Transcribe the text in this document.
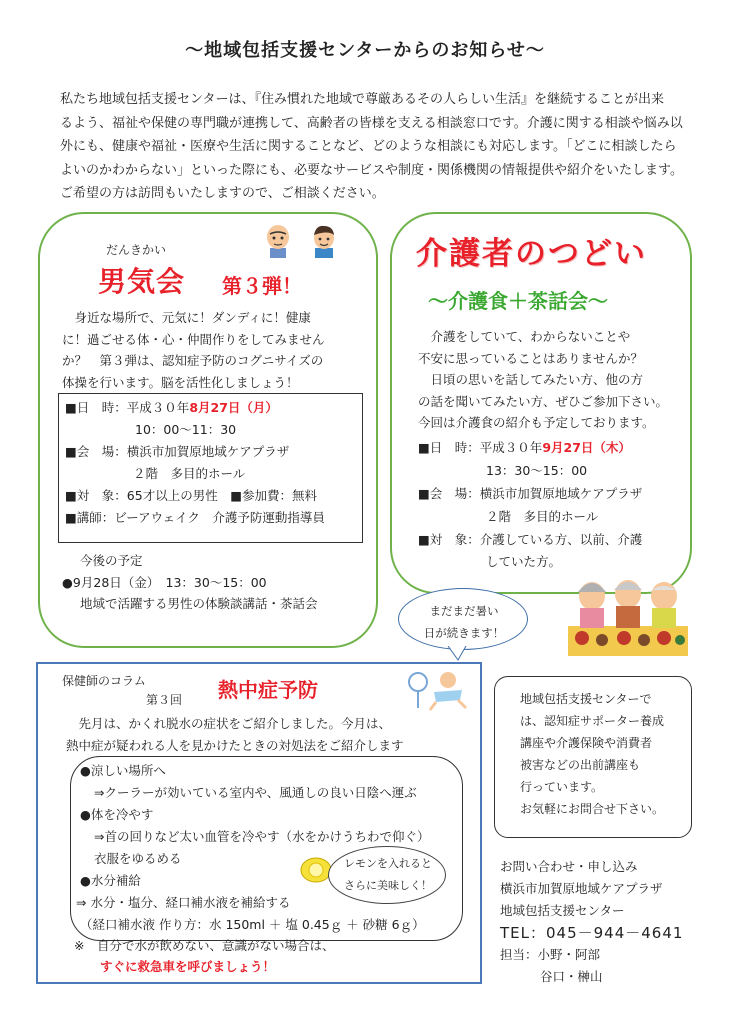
～地域包括支援センターからのお知らせ～

私たち地域包括支援センターは、『住み慣れた地域で尊厳あるその人らしい生活』を継続することが出来

るよう、福祉や保健の専門職が連携して、高齢者の皆様を支える相談窓口です。介護に関する相談や悩み以

外にも、健康や福祉・医療や生活に関することなど、どのような相談にも対応します。「どこに相談したら

よいのかわからない」といった際にも、必要なサービスや制度・関係機関の情報提供や紹介をいたします。

ご希望の方は訪問もいたしますので、ご相談ください。

だんきかい
男気会 第３弾！

　身近な場所で、元気に！ダンディに！健康

に！過ごせる体・心・仲間作りをしてみません

か？　第３弾は、認知症予防のコグニサイズの

体操を行います。脳を活性化しましょう！

■日　時：平成３０年8月27日（月）
10：00～11：30
■会　場：横浜市加賀原地域ケアプラザ
２階　多目的ホール
■対　象：65才以上の男性　■参加費：無料
■講師：ビーアウェイク　介護予防運動指導員

今後の予定

●9月28日（金）　13：30～15：00

地域で活躍する男性の体験談講話・茶話会

介護者のつどい
～介護食＋茶話会～

　介護をしていて、わからないことや

不安に思っていることはありませんか？

　日頃の思いを話してみたい方、他の方

の話を聞いてみたい方、ぜひご参加下さい。

今回は介護食の紹介も予定しております。

■日　時：平成３０年9月27日（木）
13：30～15：00
■会　場：横浜市加賀原地域ケアプラザ
２階　多目的ホール
■対　象：介護している方、以前、介護
していた方。
まだまだ暑い
日が続きます！
保健師のコラム
第３回 熱中症予防

　先月は、かくれ脱水の症状をご紹介しました。今月は、

熱中症が疑われる人を見かけたときの対処法をご紹介します

●涼しい場所へ
⇒クーラーが効いている室内や、風通しの良い日陰へ運ぶ
●体を冷やす
⇒首の回りなど太い血管を冷やす（水をかけうちわで仰ぐ）
衣服をゆるめる
●水分補給
⇒ 水分・塩分、経口補水液を補給する
（経口補水液 作り方：水 150ml ＋ 塩 0.45ｇ ＋ 砂糖 6ｇ）
レモンを入れると
さらに美味しく！

※　自分で水が飲めない、意識がない場合は、

すぐに救急車を呼びましょう！

地域包括支援センターで

は、認知症サポーター養成

講座や介護保険や消費者

被害などの出前講座も

行っています。

お気軽にお問合せ下さい。

お問い合わせ・申し込み

横浜市加賀原地域ケアプラザ

地域包括支援センター

TEL：045－944－4641

担当：小野・阿部

谷口・榊山
